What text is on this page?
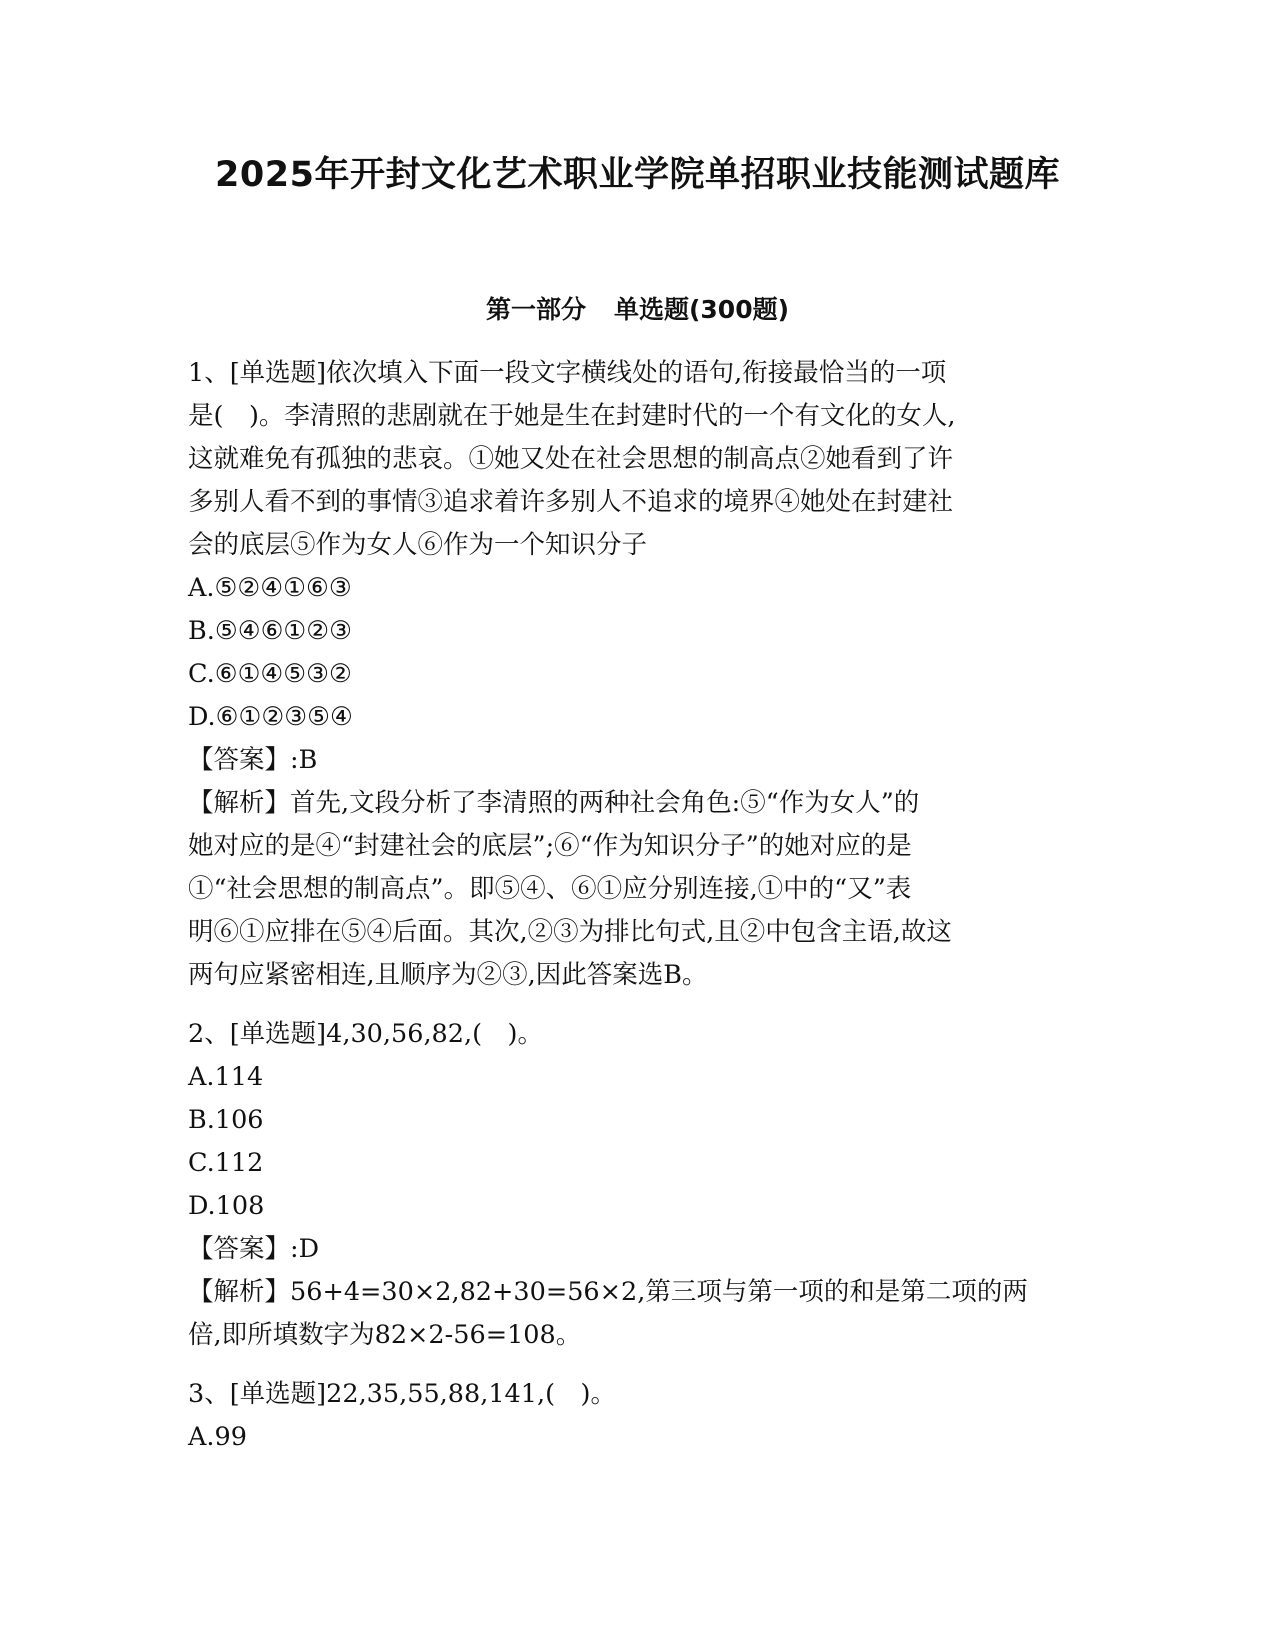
2025年开封文化艺术职业学院单招职业技能测试题库
第一部分 单选题(300题)

1、[单选题]依次填入下面一段文字横线处的语句,衔接最恰当的一项

是(　)。李清照的悲剧就在于她是生在封建时代的一个有文化的女人,

这就难免有孤独的悲哀。①她又处在社会思想的制高点②她看到了许

多别人看不到的事情③追求着许多别人不追求的境界④她处在封建社

会的底层⑤作为女人⑥作为一个知识分子

A.⑤②④①⑥③

B.⑤④⑥①②③

C.⑥①④⑤③②

D.⑥①②③⑤④

【答案】:B

【解析】首先,文段分析了李清照的两种社会角色:⑤“作为女人”的

她对应的是④“封建社会的底层”;⑥“作为知识分子”的她对应的是

①“社会思想的制高点”。即⑤④、⑥①应分别连接,①中的“又”表

明⑥①应排在⑤④后面。其次,②③为排比句式,且②中包含主语,故这

两句应紧密相连,且顺序为②③,因此答案选B。

2、[单选题]4,30,56,82,(　)。

A.114

B.106

C.112

D.108

【答案】:D

【解析】56+4=30×2,82+30=56×2,第三项与第一项的和是第二项的两

倍,即所填数字为82×2-56=108。

3、[单选题]22,35,55,88,141,(　)。

A.99
